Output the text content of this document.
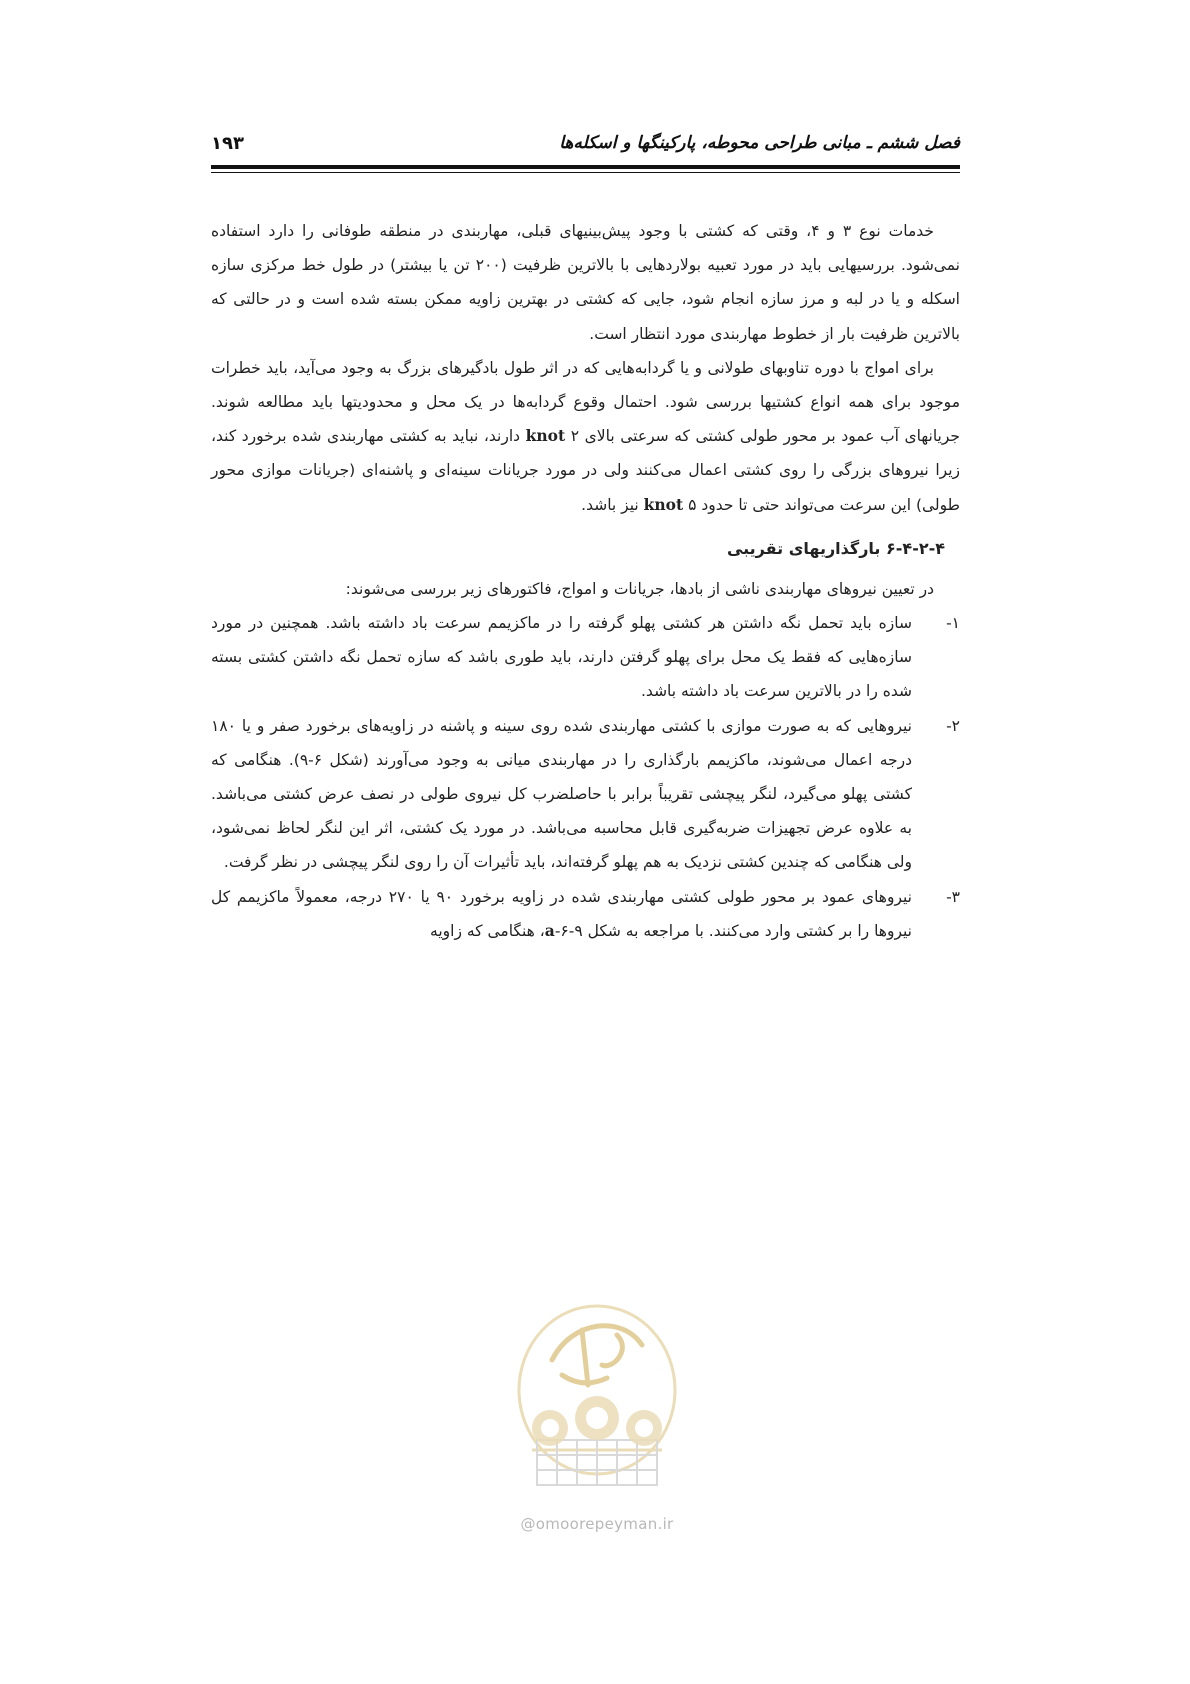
فصل ششم ـ مبانی طراحی محوطه، پارکینگها و اسکله‌ها
۱۹۳

خدمات نوع ۳ و ۴، وقتی که کشتی با وجود پیش‌بینیهای قبلی، مهاربندی در منطقه طوفانی را دارد استفاده نمی‌شود. بررسیهایی باید در مورد تعبیه بولاردهایی با بالاترین ظرفیت (۲۰۰ تن یا بیشتر) در طول خط مرکزی سازه اسکله و یا در لبه و مرز سازه انجام شود، جایی که کشتی در بهترین زاویه ممکن بسته شده است و در حالتی که بالاترین ظرفیت بار از خطوط مهاربندی مورد انتظار است.

برای امواج با دوره تناوبهای طولانی و یا گردابه‌هایی که در اثر طول بادگیرهای بزرگ به وجود می‌آید، باید خطرات موجود برای همه انواع کشتیها بررسی شود. احتمال وقوع گردابه‌ها در یک محل و محدودیتها باید مطالعه شوند. جریانهای آب عمود بر محور طولی کشتی که سرعتی بالای knot ۲ دارند، نباید به کشتی مهاربندی شده برخورد کند، زیرا نیروهای بزرگی را روی کشتی اعمال می‌کنند ولی در مورد جریانات سینه‌ای و پاشنه‌ای (جریانات موازی محور طولی) این سرعت می‌تواند حتی تا حدود knot ۵ نیز باشد.

۶-۴-۲-۴ بارگذاریهای تقریبی

در تعیین نیروهای مهاربندی ناشی از بادها، جریانات و امواج، فاکتورهای زیر بررسی می‌شوند:

۱-
سازه باید تحمل نگه داشتن هر کشتی پهلو گرفته را در ماکزیمم سرعت باد داشته باشد. همچنین در مورد سازه‌هایی که فقط یک محل برای پهلو گرفتن دارند، باید طوری باشد که سازه تحمل نگه داشتن کشتی بسته شده را در بالاترین سرعت باد داشته باشد.
۲-
نیروهایی که به صورت موازی با کشتی مهاربندی شده روی سینه و پاشنه در زاویه‌های برخورد صفر و یا ۱۸۰ درجه اعمال می‌شوند، ماکزیمم بارگذاری را در مهاربندی میانی به وجود می‌آورند (شکل ۶-۹). هنگامی که کشتی پهلو می‌گیرد، لنگر پیچشی تقریباً برابر با حاصلضرب کل نیروی طولی در نصف عرض کشتی می‌باشد. به علاوه عرض تجهیزات ضربه‌گیری قابل محاسبه می‌باشد. در مورد یک کشتی، اثر این لنگر لحاظ نمی‌شود، ولی هنگامی که چندین کشتی نزدیک به هم پهلو گرفته‌اند، باید تأثیرات آن را روی لنگر پیچشی در نظر گرفت.
۳-
نیروهای عمود بر محور طولی کشتی مهاربندی شده در زاویه برخورد ۹۰ یا ۲۷۰ درجه، معمولاً ماکزیمم کل نیروها را بر کشتی وارد می‌کنند. با مراجعه به شکل a-۶-۹، هنگامی که زاویه
@omoorepeyman.ir
